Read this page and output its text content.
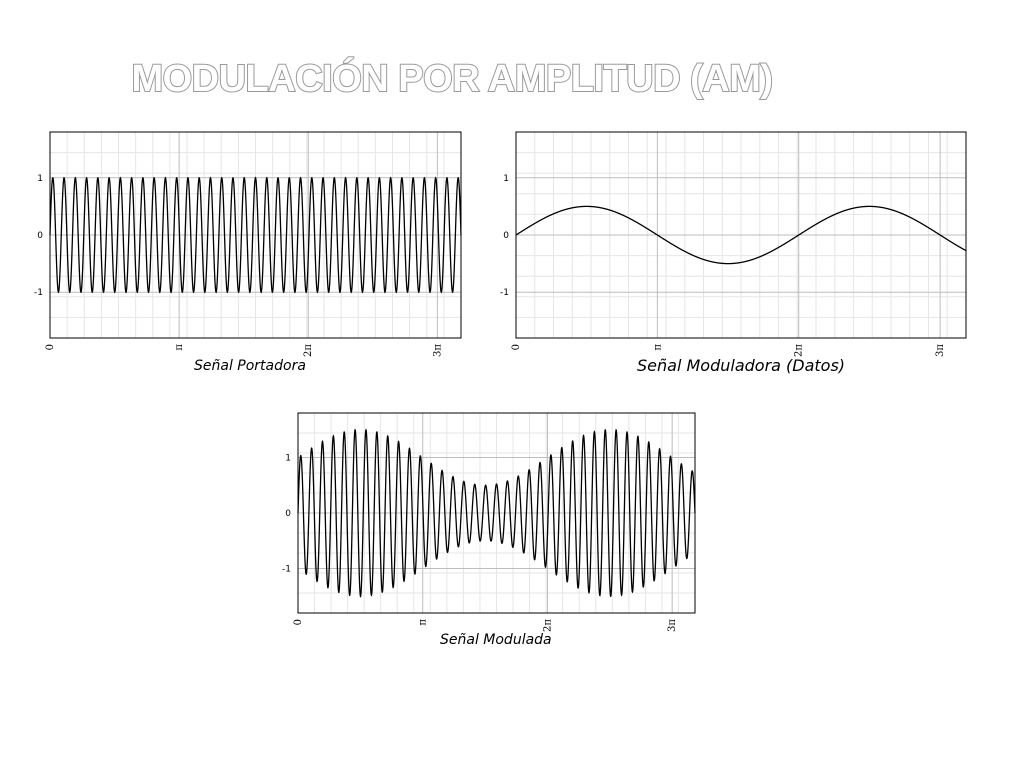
MODULACIÓN POR AMPLITUD (AM)
1
0
-1
0	π	2π	3π
Señal Portadora
1
0
-1
0	π	2π	3π
Señal Moduladora (Datos)
1
0
-1
0	π	2π	3π
Señal Modulada
